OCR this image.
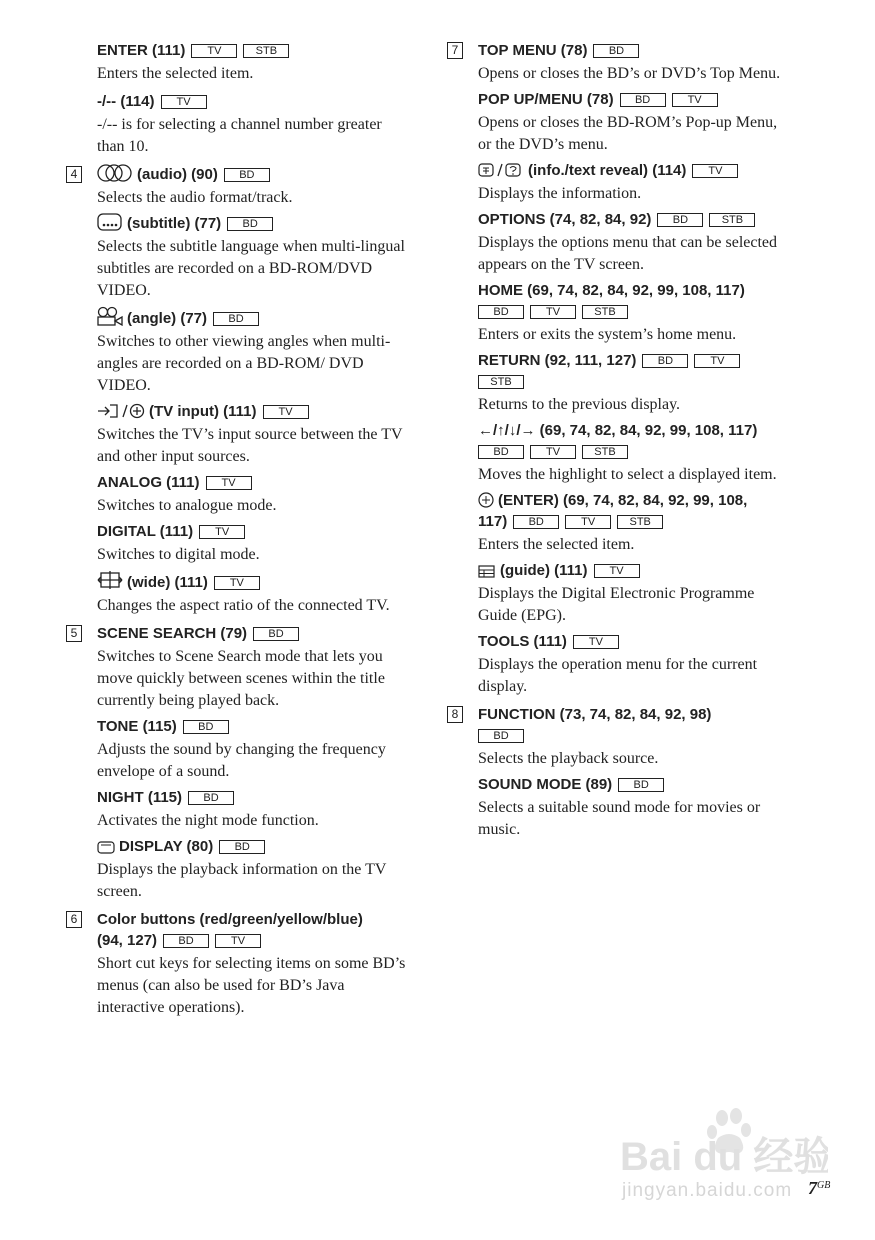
ENTER (111) TV	STB
Enters the selected item.
-/-- (114) TV
-/-- is for selecting a channel number greater than 10.
4	(audio) (90) BD
Selects the audio format/track.
(subtitle) (77) BD
Selects the subtitle language when multi-lingual subtitles are recorded on a BD-ROM/DVD VIDEO.
(angle) (77) BD
Switches to other viewing angles when multi-angles are recorded on a BD-ROM/ DVD VIDEO.
(TV input) (111) TV
Switches the TV’s input source between the TV and other input sources.
ANALOG (111) TV
Switches to analogue mode.
DIGITAL (111) TV
Switches to digital mode.
(wide) (111) TV
Changes the aspect ratio of the connected TV.
5	SCENE SEARCH (79) BD
Switches to Scene Search mode that lets you move quickly between scenes within the title currently being played back.
TONE (115) BD
Adjusts the sound by changing the frequency envelope of a sound.
NIGHT (115) BD
Activates the night mode function.
DISPLAY (80) BD
Displays the playback information on the TV screen.
6	Color buttons (red/green/yellow/blue)
(94, 127) BD	TV
Short cut keys for selecting items on some BD’s menus (can also be used for BD’s Java interactive operations).
7	TOP MENU (78) BD
Opens or closes the BD’s or DVD’s Top Menu.
POP UP/MENU (78) BD	TV
Opens or closes the BD-ROM’s Pop-up Menu, or the DVD’s menu.
(info./text reveal) (114) TV
Displays the information.
OPTIONS (74, 82, 84, 92) BD	STB
Displays the options menu that can be selected appears on the TV screen.
HOME (69, 74, 82, 84, 92, 99, 108, 117)
BD	TV	STB
Enters or exits the system’s home menu.
RETURN (92, 111, 127) BD	TV
STB
Returns to the previous display.
←/↑/↓/→ (69, 74, 82, 84, 92, 99, 108, 117)
BD	TV	STB
Moves the highlight to select a displayed item.
(ENTER) (69, 74, 82, 84, 92, 99, 108,
117) BD	TV	STB
Enters the selected item.
(guide) (111) TV
Displays the Digital Electronic Programme Guide (EPG).
TOOLS (111) TV
Displays the operation menu for the current display.
8	FUNCTION (73, 74, 82, 84, 92, 98)
BD
Selects the playback source.
SOUND MODE (89) BD
Selects a suitable sound mode for movies or music.
Bai du 经验
jingyan.baidu.com $7^{GB}$
